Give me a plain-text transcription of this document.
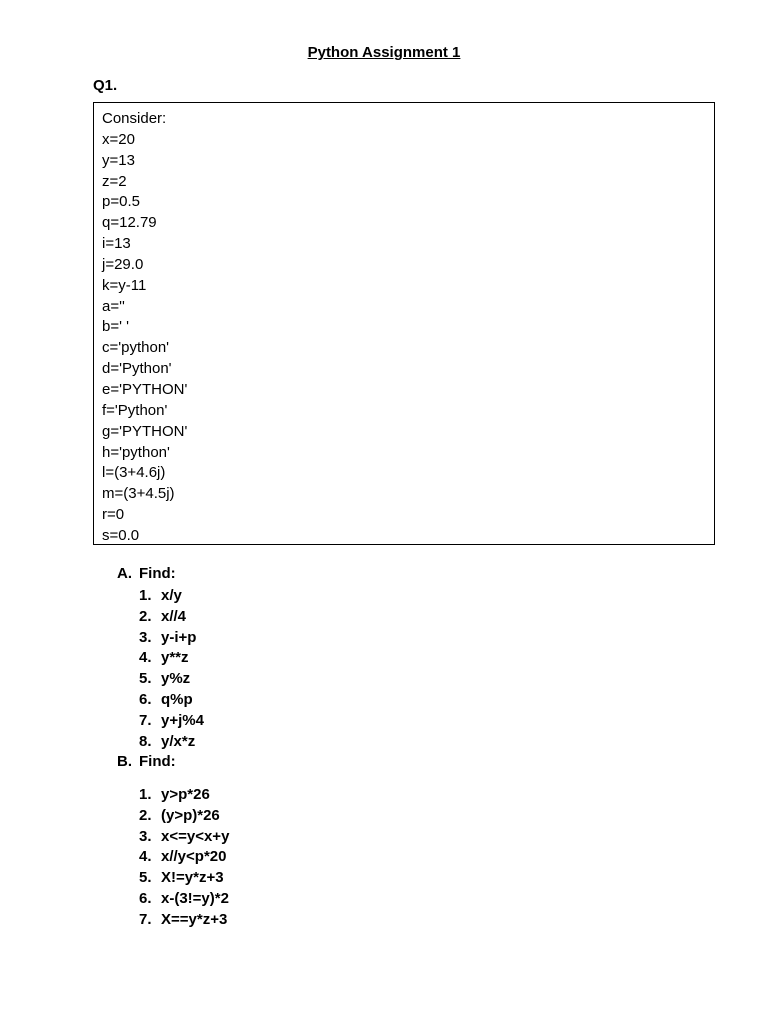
Python Assignment 1
Q1.
Consider:
x=20
y=13
z=2
p=0.5
q=12.79
i=13
j=29.0
k=y-11
a=''
b=' '
c='python'
d='Python'
e='PYTHON'
f='Python'
g='PYTHON'
h='python'
l=(3+4.6j)
m=(3+4.5j)
r=0
s=0.0
A. Find:
1. x/y
2. x//4
3. y-i+p
4. y**z
5. y%z
6. q%p
7. y+j%4
8. y/x*z
B. Find:
1. y>p*26
2. (y>p)*26
3. x<=y<x+y
4. x//y<p*20
5. X!=y*z+3
6. x-(3!=y)*2
7. X==y*z+3
